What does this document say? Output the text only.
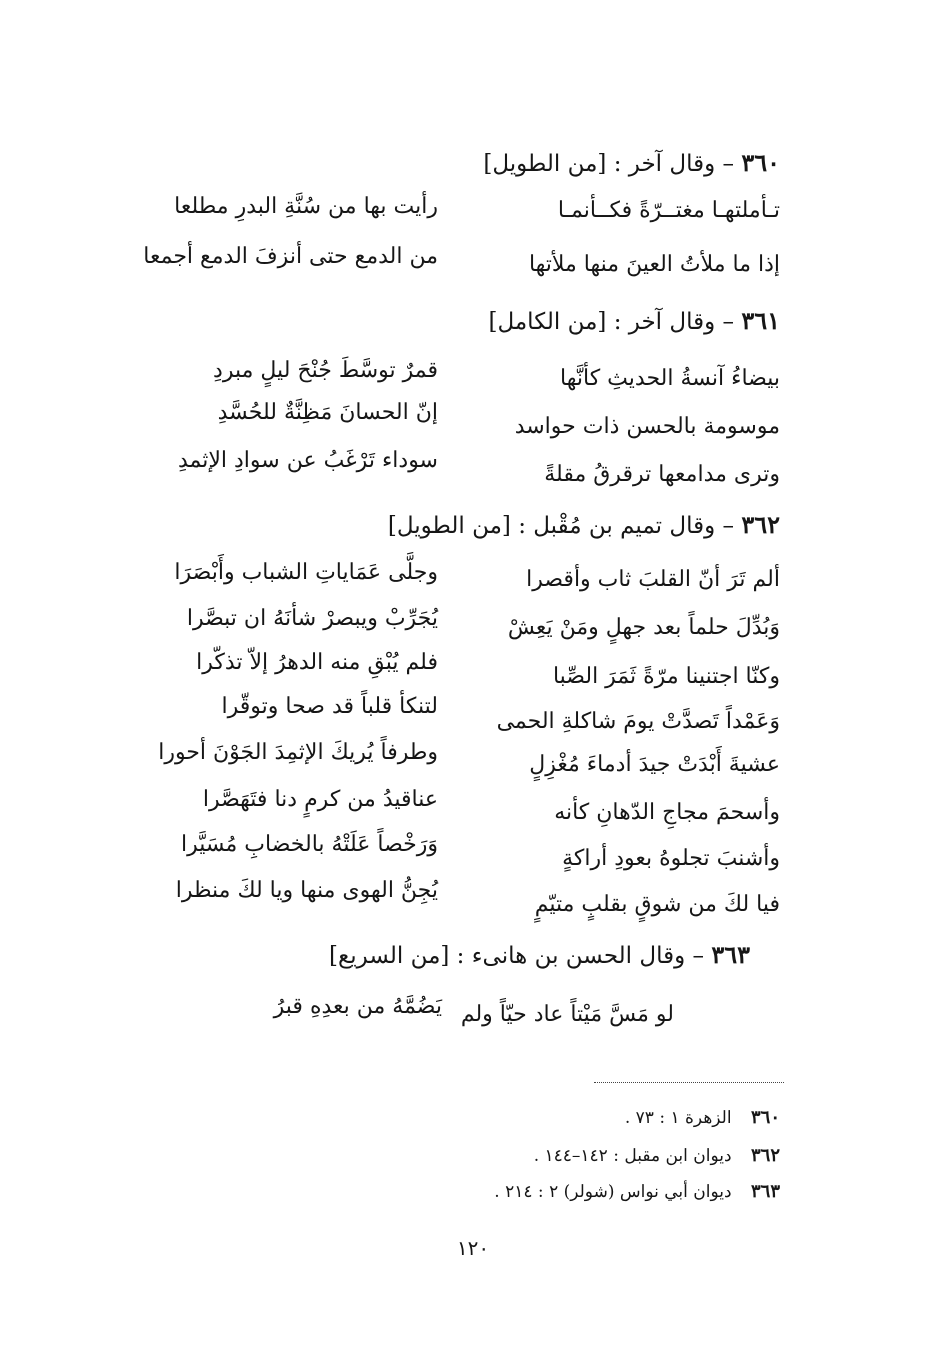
٣٦٠ – وقال آخر : [من الطويل]
تـأملتهـا مغتــرّةً فكــأنمـا
رأيت بها من سُنَّةِ البدرِ مطلعا
إذا ما ملأتُ العينَ منها ملأتها
من الدمع حتى أنزفَ الدمع أجمعا
٣٦١ – وقال آخر : [من الكامل]
بيضاءُ آنسةُ الحديثِ كأنَّها
قمرٌ توسَّطَ جُنْحَ ليلٍ مبردِ
موسومة بالحسن ذات حواسد
إنّ الحسانَ مَظِنَّةٌ للحُسَّدِ
وترى مدامعها ترقرقُ مقلةً
سوداء تَرْغَبُ عن سوادِ الإثمدِ
٣٦٢ – وقال تميم بن مُقْبل : [من الطويل]
ألم تَرَ أنّ القلبَ ثاب وأقصرا
وجلَّى عَمَاياتِ الشباب وأَبْصَرَا
وَبُدِّلَ حلماً بعد جهلٍ ومَنْ يَعِشْ
يُجَرِّبْ ويبصرْ شأنَهُ ان تبصَّرا
وكنّا اجتنينا مرّةً ثَمَرَ الصِّبا
فلم يُبْقِ منه الدهرُ إلاّ تذكّرا
وَعَمْداً تَصدَّتْ يومَ شاكلةِ الحمى
لتنكأ قلباً قد صحا وتوقّرا
عشيةَ أَبْدَتْ جيدَ أدماءَ مُغْزِلٍ
وطرفاً يُريكَ الإثمِدَ الجَوْنَ أحورا
وأسحمَ مجاجِ الدّهانِ كأنه
عناقيدُ من كرمٍ دنا فتَهَصَّرا
وأشنبَ تجلوهُ بعودِ أراكةٍ
وَرَخْصاً عَلَتْهُ بالخضابِ مُسَيَّرا
فيا لكَ من شوقٍ بقلبٍ متيّمٍ
يُجِنُّ الهوى منها ويا لكَ منظرا
٣٦٣ – وقال الحسن بن هانىء : [من السريع]
لو مَسَّ مَيْتاً عاد حيّاً ولم
يَضُمَّهُ من بعدِهِ قبرُ
٣٦٠ الزهرة ١ : ٧٣ .
٣٦٢ ديوان ابن مقبل : ١٤٢–١٤٤ .
٣٦٣ ديوان أبي نواس (شولر) ٢ : ٢١٤ .
١٢٠
